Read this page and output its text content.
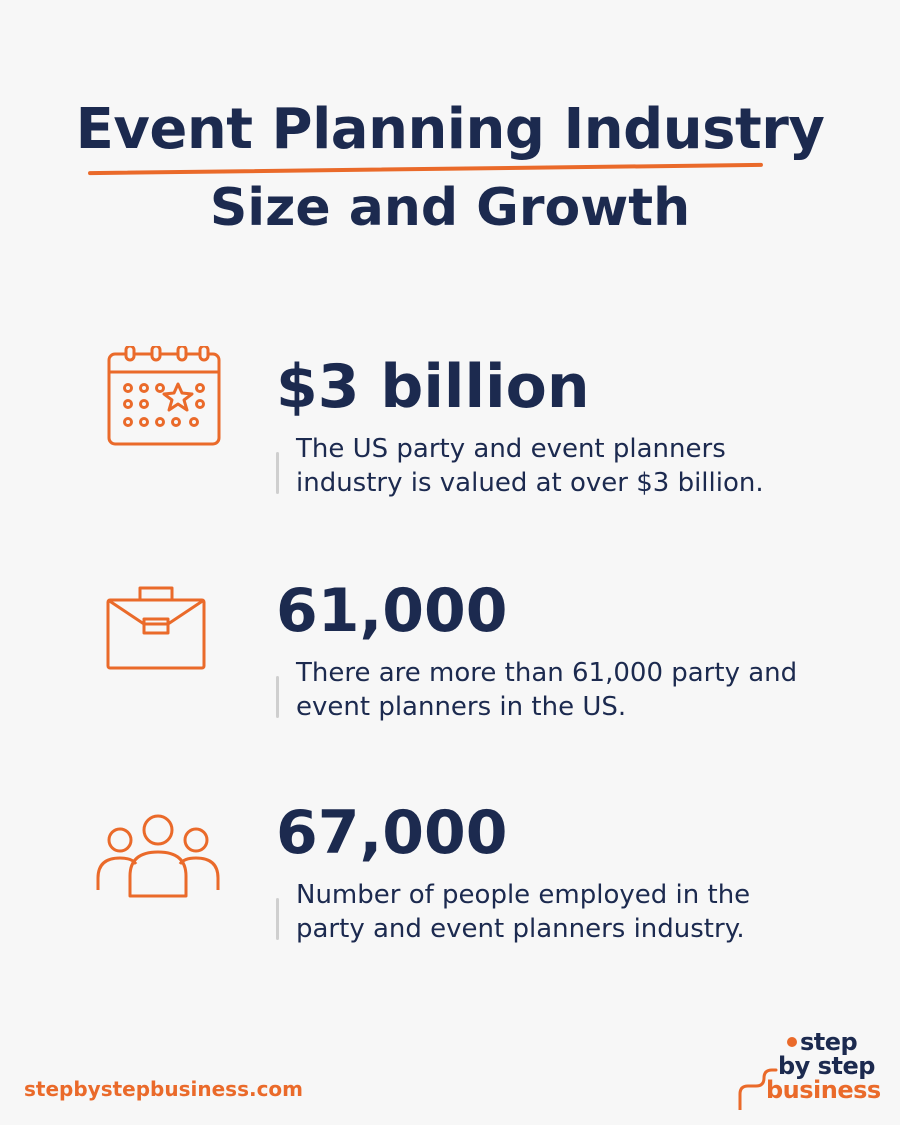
Event Planning Industry
Size and Growth
$3 billion
The US party and event planners industry is valued at over $3 billion.
61,000
There are more than 61,000 party and event planners in the US.
67,000
Number of people employed in the party and event planners industry.
stepbystepbusiness.com
step
by step
business
